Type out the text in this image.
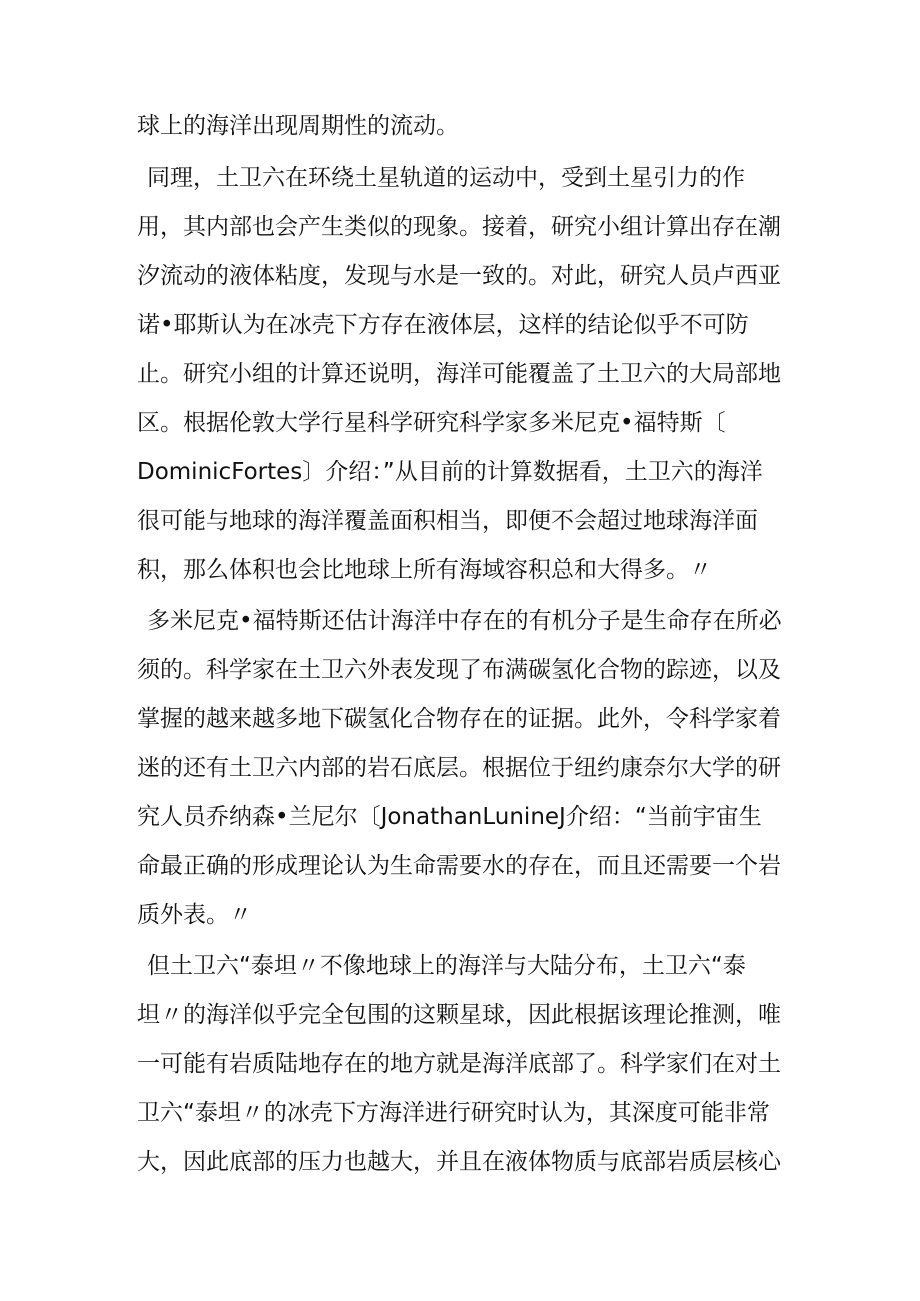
球上的海洋出现周期性的流动。
同理，土卫六在环绕土星轨道的运动中，受到土星引力的作
用，其内部也会产生类似的现象。接着，研究小组计算出存在潮
汐流动的液体粘度，发现与水是一致的。对此，研究人员卢西亚
诺•耶斯认为在冰壳下方存在液体层，这样的结论似乎不可防
止。研究小组的计算还说明，海洋可能覆盖了土卫六的大局部地
区。根据伦敦大学行星科学研究科学家多米尼克•福特斯〔
DominicFortes〕介绍：”从目前的计算数据看，土卫六的海洋
很可能与地球的海洋覆盖面积相当，即便不会超过地球海洋面
积，那么体积也会比地球上所有海域容积总和大得多。〃
多米尼克•福特斯还估计海洋中存在的有机分子是生命存在所必
须的。科学家在土卫六外表发现了布满碳氢化合物的踪迹，以及
掌握的越来越多地下碳氢化合物存在的证据。此外，令科学家着
迷的还有土卫六内部的岩石底层。根据位于纽约康奈尔大学的研
究人员乔纳森•兰尼尔〔JonathanLunineJ介绍：“当前宇宙生
命最正确的形成理论认为生命需要水的存在，而且还需要一个岩
质外表。〃
但土卫六“泰坦〃不像地球上的海洋与大陆分布，土卫六“泰
坦〃的海洋似乎完全包围的这颗星球，因此根据该理论推测，唯
一可能有岩质陆地存在的地方就是海洋底部了。科学家们在对土
卫六“泰坦〃的冰壳下方海洋进行研究时认为，其深度可能非常
大，因此底部的压力也越大，并且在液体物质与底部岩质层核心
